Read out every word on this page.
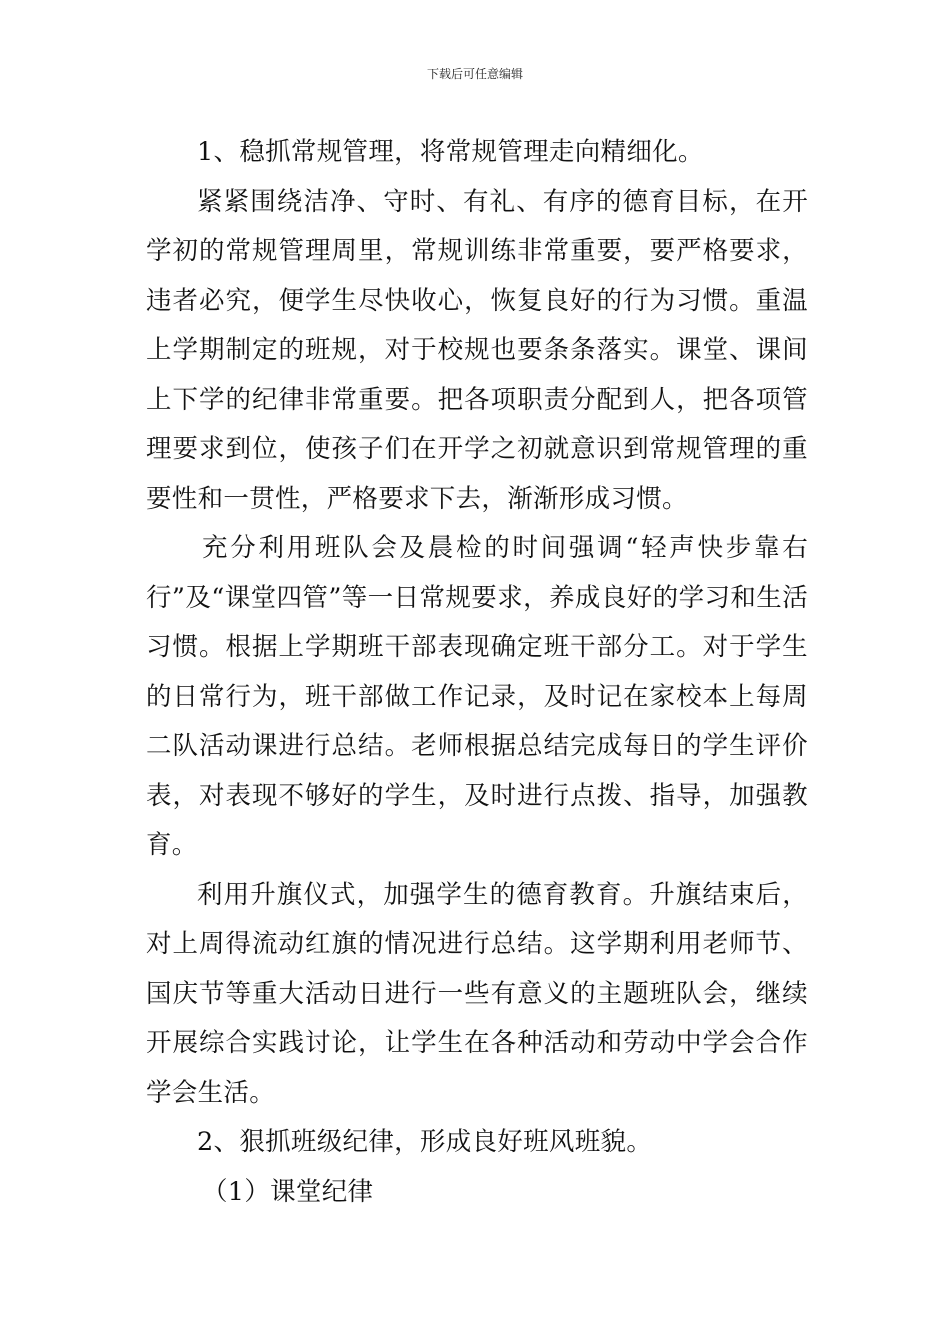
下载后可任意编辑

1、稳抓常规管理，将常规管理走向精细化。

紧紧围绕洁净、守时、有礼、有序的德育目标，在开学初的常规管理周里，常规训练非常重要，要严格要求，违者必究，便学生尽快收心，恢复良好的行为习惯。重温上学期制定的班规，对于校规也要条条落实。课堂、课间上下学的纪律非常重要。把各项职责分配到人，把各项管理要求到位，使孩子们在开学之初就意识到常规管理的重要性和一贯性，严格要求下去，渐渐形成习惯。

充分利用班队会及晨检的时间强调“轻声快步靠右行”及“课堂四管”等一日常规要求，养成良好的学习和生活习惯。根据上学期班干部表现确定班干部分工。对于学生的日常行为，班干部做工作记录，及时记在家校本上每周二队活动课进行总结。老师根据总结完成每日的学生评价表，对表现不够好的学生，及时进行点拨、指导，加强教育。

利用升旗仪式，加强学生的德育教育。升旗结束后，对上周得流动红旗的情况进行总结。这学期利用老师节、国庆节等重大活动日进行一些有意义的主题班队会，继续开展综合实践讨论，让学生在各种活动和劳动中学会合作学会生活。

2、狠抓班级纪律，形成良好班风班貌。

（1）课堂纪律
